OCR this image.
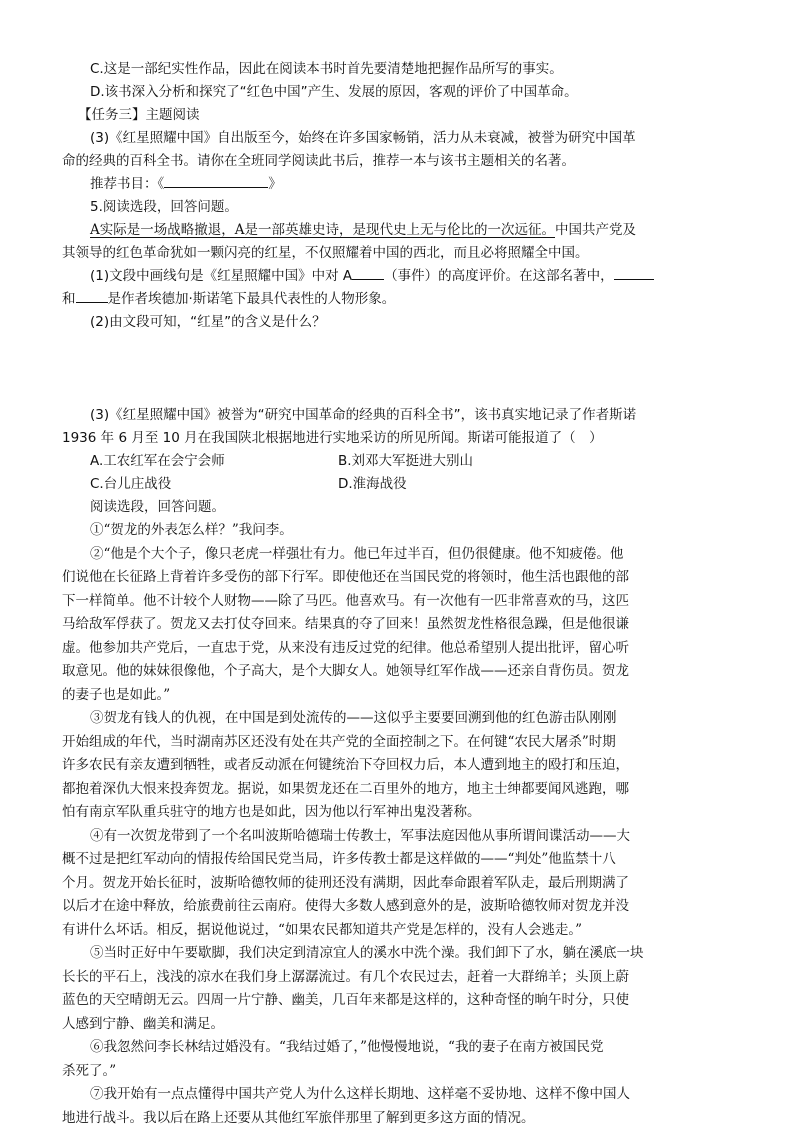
C.这是一部纪实性作品，因此在阅读本书时首先要清楚地把握作品所写的事实。

D.该书深入分析和探究了“红色中国”产生、发展的原因，客观的评价了中国革命。

【任务三】主题阅读

(3)《红星照耀中国》自出版至今，始终在许多国家畅销，活力从未衰减，被誉为研究中国革

命的经典的百科全书。请你在全班同学阅读此书后，推荐一本与该书主题相关的名著。

推荐书目：《	》

5.阅读选段，回答问题。

A实际是一场战略撤退，A是一部英雄史诗，是现代史上无与伦比的一次远征。中国共产党及

其领导的红色革命犹如一颗闪亮的红星，不仅照耀着中国的西北，而且必将照耀全中国。

(1)文段中画线句是《红星照耀中国》中对 A （事件）的高度评价。在这部名著中，

和 是作者埃德加·斯诺笔下最具代表性的人物形象。

(2)由文段可知，“红星”的含义是什么？

(3)《红星照耀中国》被誉为“研究中国革命的经典的百科全书”，该书真实地记录了作者斯诺

1936 年 6 月至 10 月在我国陕北根据地进行实地采访的所见所闻。斯诺可能报道了（　）

A.工农红军在会宁会师	B.刘邓大军挺进大别山
C.台儿庄战役	D.淮海战役

阅读选段，回答问题。

①“贺龙的外表怎么样？”我问李。

②“他是个大个子，像只老虎一样强壮有力。他已年过半百，但仍很健康。他不知疲倦。他

们说他在长征路上背着许多受伤的部下行军。即使他还在当国民党的将领时，他生活也跟他的部

下一样简单。他不计较个人财物——除了马匹。他喜欢马。有一次他有一匹非常喜欢的马，这匹

马给敌军俘获了。贺龙又去打仗夺回来。结果真的夺了回来！虽然贺龙性格很急躁，但是他很谦

虚。他参加共产党后，一直忠于党，从来没有违反过党的纪律。他总希望别人提出批评，留心听

取意见。他的妹妹很像他，个子高大，是个大脚女人。她领导红军作战——还亲自背伤员。贺龙

的妻子也是如此。”

③贺龙有钱人的仇视，在中国是到处流传的——这似乎主要要回溯到他的红色游击队刚刚

开始组成的年代，当时湖南苏区还没有处在共产党的全面控制之下。在何键“农民大屠杀”时期

许多农民有亲友遭到牺牲，或者反动派在何键统治下夺回权力后，本人遭到地主的殴打和压迫，

都抱着深仇大恨来投奔贺龙。据说，如果贺龙还在二百里外的地方，地主士绅都要闻风逃跑，哪

怕有南京军队重兵驻守的地方也是如此，因为他以行军神出鬼没著称。

④有一次贺龙带到了一个名叫波斯哈德瑞士传教士，军事法庭因他从事所谓间谍活动——大

概不过是把红军动向的情报传给国民党当局，许多传教士都是这样做的——“判处”他监禁十八

个月。贺龙开始长征时，波斯哈德牧师的徒刑还没有满期，因此奉命跟着军队走，最后刑期满了

以后才在途中释放，给旅费前往云南府。使得大多数人感到意外的是，波斯哈德牧师对贺龙并没

有讲什么坏话。相反，据说他说过，“如果农民都知道共产党是怎样的，没有人会逃走。”

⑤当时正好中午要歇脚，我们决定到清凉宜人的溪水中洗个澡。我们卸下了水，躺在溪底一块

长长的平石上，浅浅的凉水在我们身上潺潺流过。有几个农民过去，赶着一大群绵羊；头顶上蔚

蓝色的天空晴朗无云。四周一片宁静、幽美，几百年来都是这样的，这种奇怪的晌午时分，只使

人感到宁静、幽美和满足。

⑥我忽然问李长林结过婚没有。“我结过婚了，”他慢慢地说，“我的妻子在南方被国民党

杀死了。”

⑦我开始有一点点懂得中国共产党人为什么这样长期地、这样毫不妥协地、这样不像中国人

地进行战斗。我以后在路上还要从其他红军旅伴那里了解到更多这方面的情况。
